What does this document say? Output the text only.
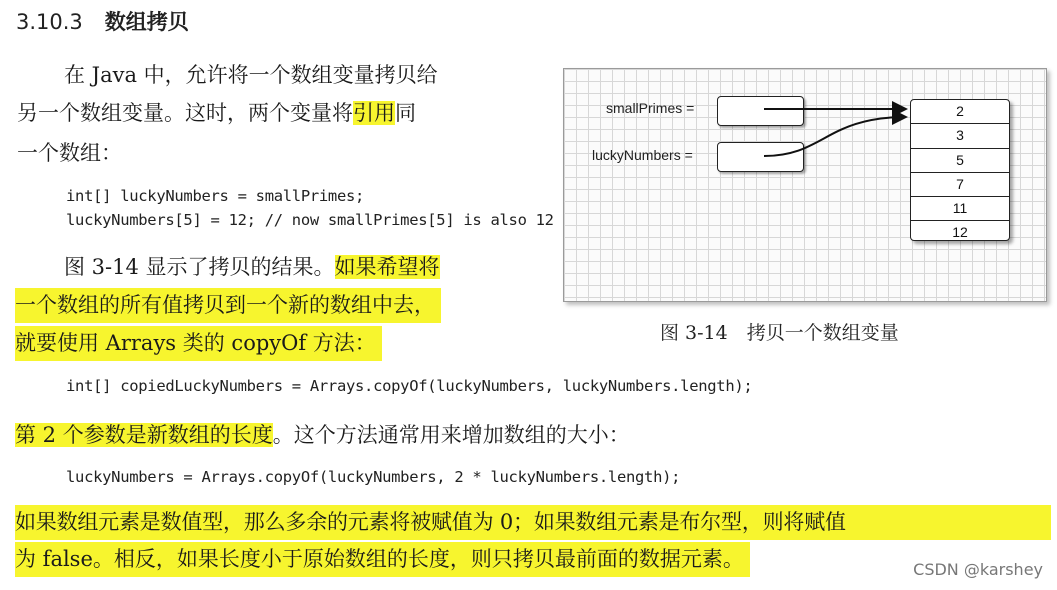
3.10.3 数组拷贝
在 Java 中，允许将一个数组变量拷贝给
另一个数组变量。这时，两个变量将引用同
一个数组：
int[] luckyNumbers = smallPrimes;
luckyNumbers[5] = 12; // now smallPrimes[5] is also 12
图 3-14 显示了拷贝的结果。如果希望将
一个数组的所有值拷贝到一个新的数组中去，
就要使用 Arrays 类的 copyOf 方法：
smallPrimes =
luckyNumbers =
2
3
5
7
11
12
图 3-14　拷贝一个数组变量
int[] copiedLuckyNumbers = Arrays.copyOf(luckyNumbers, luckyNumbers.length);
第 2 个参数是新数组的长度。这个方法通常用来增加数组的大小：
luckyNumbers = Arrays.copyOf(luckyNumbers, 2 * luckyNumbers.length);
如果数组元素是数值型，那么多余的元素将被赋值为 0；如果数组元素是布尔型，则将赋值
为 false。相反，如果长度小于原始数组的长度，则只拷贝最前面的数据元素。	CSDN @karshey
